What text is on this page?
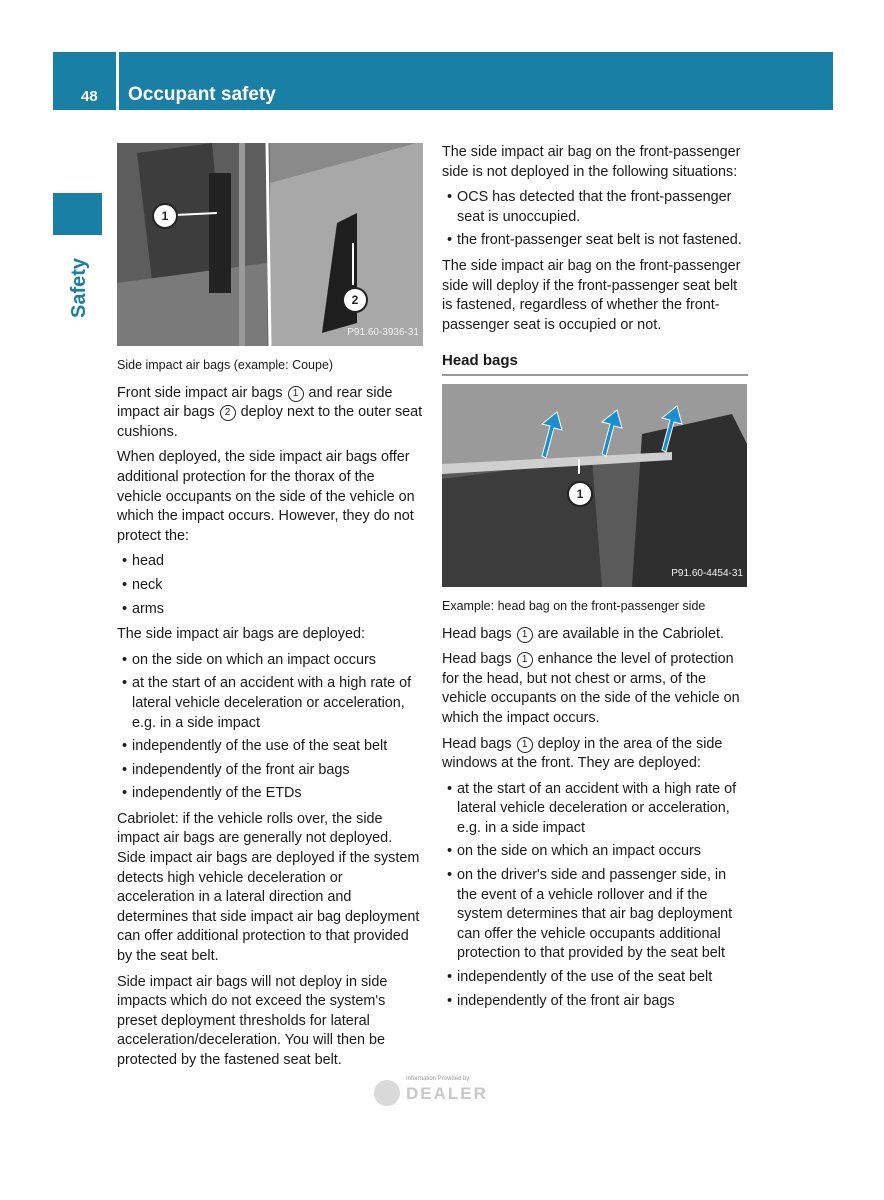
48 Occupant safety
Safety
1
2
P91.60-3936-31
Side impact air bags (example: Coupe)

Front side impact air bags 1 and rear side impact air bags 2 deploy next to the outer seat cushions.

When deployed, the side impact air bags offer additional protection for the thorax of the vehicle occupants on the side of the vehicle on which the impact occurs. However, they do not protect the:

• head
• neck
• arms

The side impact air bags are deployed:

• on the side on which an impact occurs
• at the start of an accident with a high rate of lateral vehicle deceleration or acceleration, e.g. in a side impact
• independently of the use of the seat belt
• independently of the front air bags
• independently of the ETDs

Cabriolet: if the vehicle rolls over, the side impact air bags are generally not deployed. Side impact air bags are deployed if the system detects high vehicle deceleration or acceleration in a lateral direction and determines that side impact air bag deployment can offer additional protection to that provided by the seat belt.

Side impact air bags will not deploy in side impacts which do not exceed the system's preset deployment thresholds for lateral acceleration/deceleration. You will then be protected by the fastened seat belt.

The side impact air bag on the front-passenger side is not deployed in the following situations:

• OCS has detected that the front-passenger seat is unoccupied.
• the front-passenger seat belt is not fastened.

The side impact air bag on the front-passenger side will deploy if the front-passenger seat belt is fastened, regardless of whether the front-passenger seat is occupied or not.

Head bags
1
P91.60-4454-31
Example: head bag on the front-passenger side

Head bags 1 are available in the Cabriolet.

Head bags 1 enhance the level of protection for the head, but not chest or arms, of the vehicle occupants on the side of the vehicle on which the impact occurs.

Head bags 1 deploy in the area of the side windows at the front. They are deployed:

• at the start of an accident with a high rate of lateral vehicle deceleration or acceleration, e.g. in a side impact
• on the side on which an impact occurs
• on the driver's side and passenger side, in the event of a vehicle rollover and if the system determines that air bag deployment can offer the vehicle occupants additional protection to that provided by the seat belt
• independently of the use of the seat belt
• independently of the front air bags
Information Provided by:
DEALER
